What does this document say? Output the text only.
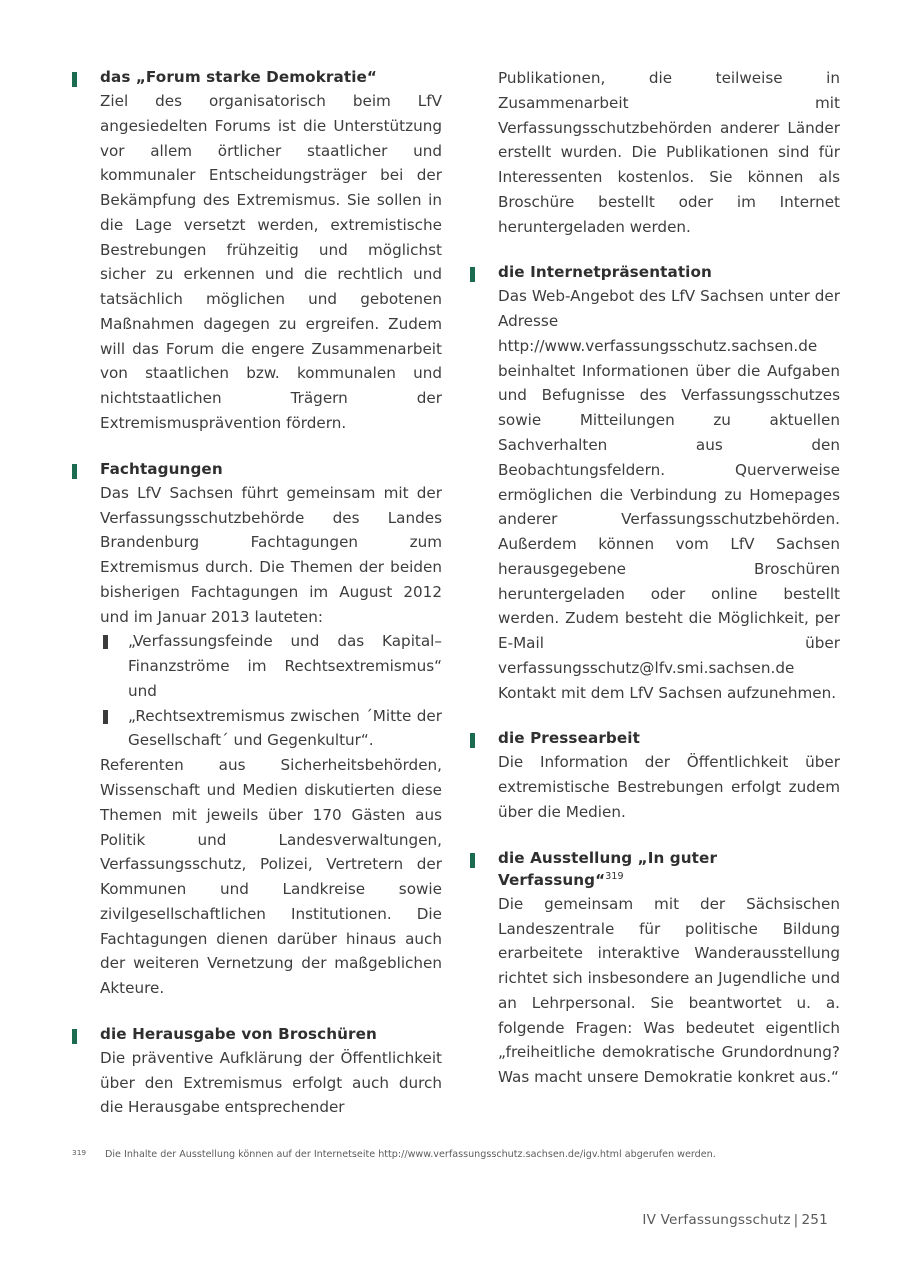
das „Forum starke Demokratie“

Ziel des organisatorisch beim LfV angesiedelten Forums ist die Unterstützung vor allem örtlicher staatlicher und kommunaler Entscheidungsträger bei der Bekämpfung des Extremismus. Sie sollen in die Lage versetzt werden, extremistische Bestrebungen frühzeitig und möglichst sicher zu erkennen und die rechtlich und tatsächlich möglichen und gebotenen Maßnahmen dagegen zu ergreifen. Zudem will das Forum die engere Zusammenarbeit von staatlichen bzw. kommunalen und nichtstaatlichen Trägern der Extremismusprävention fördern.

Fachtagungen

Das LfV Sachsen führt gemeinsam mit der Verfassungsschutzbehörde des Landes Brandenburg Fachtagungen zum Extremismus durch. Die Themen der beiden bisherigen Fachtagungen im August 2012 und im Januar 2013 lauteten:

„Verfassungsfeinde und das Kapital– Finanzströme im Rechtsextremismus“ und
„Rechtsextremismus zwischen ´Mitte der Gesellschaft´ und Gegenkultur“.

Referenten aus Sicherheitsbehörden, Wissenschaft und Medien diskutierten diese Themen mit jeweils über 170 Gästen aus Politik und Landesverwaltungen, Verfassungsschutz, Polizei, Vertretern der Kommunen und Landkreise sowie zivilgesellschaftlichen Institutionen. Die Fachtagungen dienen darüber hinaus auch der weiteren Vernetzung der maßgeblichen Akteure.

die Herausgabe von Broschüren

Die präventive Aufklärung der Öffentlichkeit über den Extremismus erfolgt auch durch die Herausgabe entsprechender

Publikationen, die teilweise in Zusammenarbeit mit Verfassungsschutzbehörden anderer Länder erstellt wurden. Die Publikationen sind für Interessenten kostenlos. Sie können als Broschüre bestellt oder im Internet heruntergeladen werden.

die Internetpräsentation

Das Web-Angebot des LfV Sachsen unter der Adresse http://www.verfassungsschutz.sachsen.de beinhaltet Informationen über die Aufgaben und Befugnisse des Verfassungsschutzes sowie Mitteilungen zu aktuellen Sachverhalten aus den Beobachtungsfeldern. Querverweise ermöglichen die Verbindung zu Homepages anderer Verfassungsschutzbehörden. Außerdem können vom LfV Sachsen herausgegebene Broschüren heruntergeladen oder online bestellt werden. Zudem besteht die Möglichkeit, per E-Mail über verfassungsschutz@lfv.smi.sachsen.de Kontakt mit dem LfV Sachsen aufzunehmen.

die Pressearbeit

Die Information der Öffentlichkeit über extremistische Bestrebungen erfolgt zudem über die Medien.

die Ausstellung „In guter Verfassung“$^{319}$

Die gemeinsam mit der Sächsischen Landeszentrale für politische Bildung erarbeitete interaktive Wanderausstellung richtet sich insbesondere an Jugendliche und an Lehrpersonal. Sie beantwortet u. a. folgende Fragen: Was bedeutet eigentlich „freiheitliche demokratische Grundordnung? Was macht unsere Demokratie konkret aus.“

319 Die Inhalte der Ausstellung können auf der Internetseite http://www.verfassungsschutz.sachsen.de/igv.html abgerufen werden.
IV Verfassungsschutz | 251
